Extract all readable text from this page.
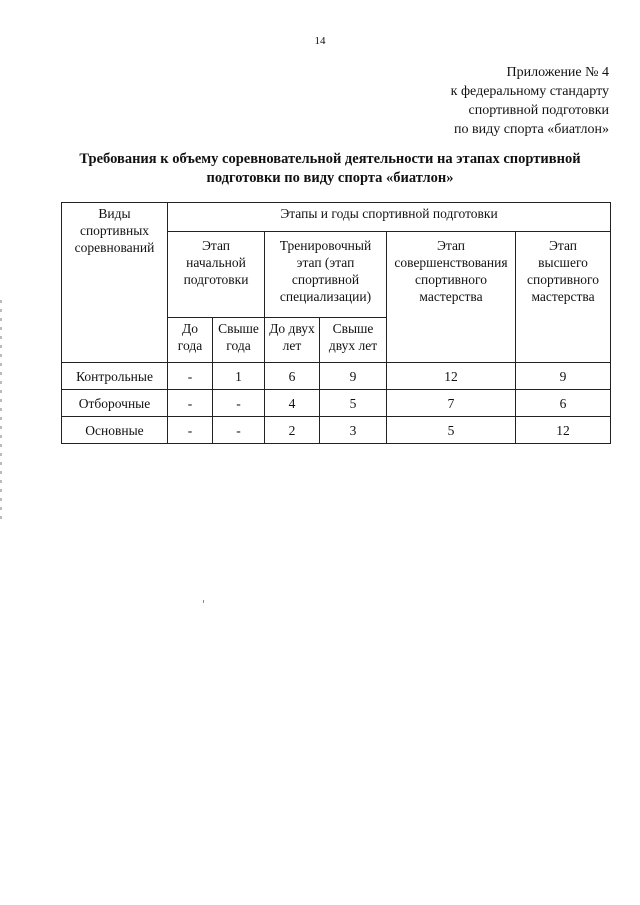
14
Приложение № 4
к федеральному стандарту
спортивной подготовки
по виду спорта «биатлон»
Требования к объему соревновательной деятельности на этапах спортивной
подготовки по виду спорта «биатлон»
Виды
спортивных
соревнований	Этапы и годы спортивной подготовки					

	Этап
начальной
подготовки		Тренировочный
этап (этап
спортивной
специализации)		Этап
совершенствования
спортивного
мастерства	Этап
высшего
спортивного
мастерства

	До
года	Свыше
года	До двух
лет	Свыше
двух лет		

Контрольные	-	1	6	9	12	9
Отборочные	-	-	4	5	7	6
Основные	-	-	2	3	5	12
